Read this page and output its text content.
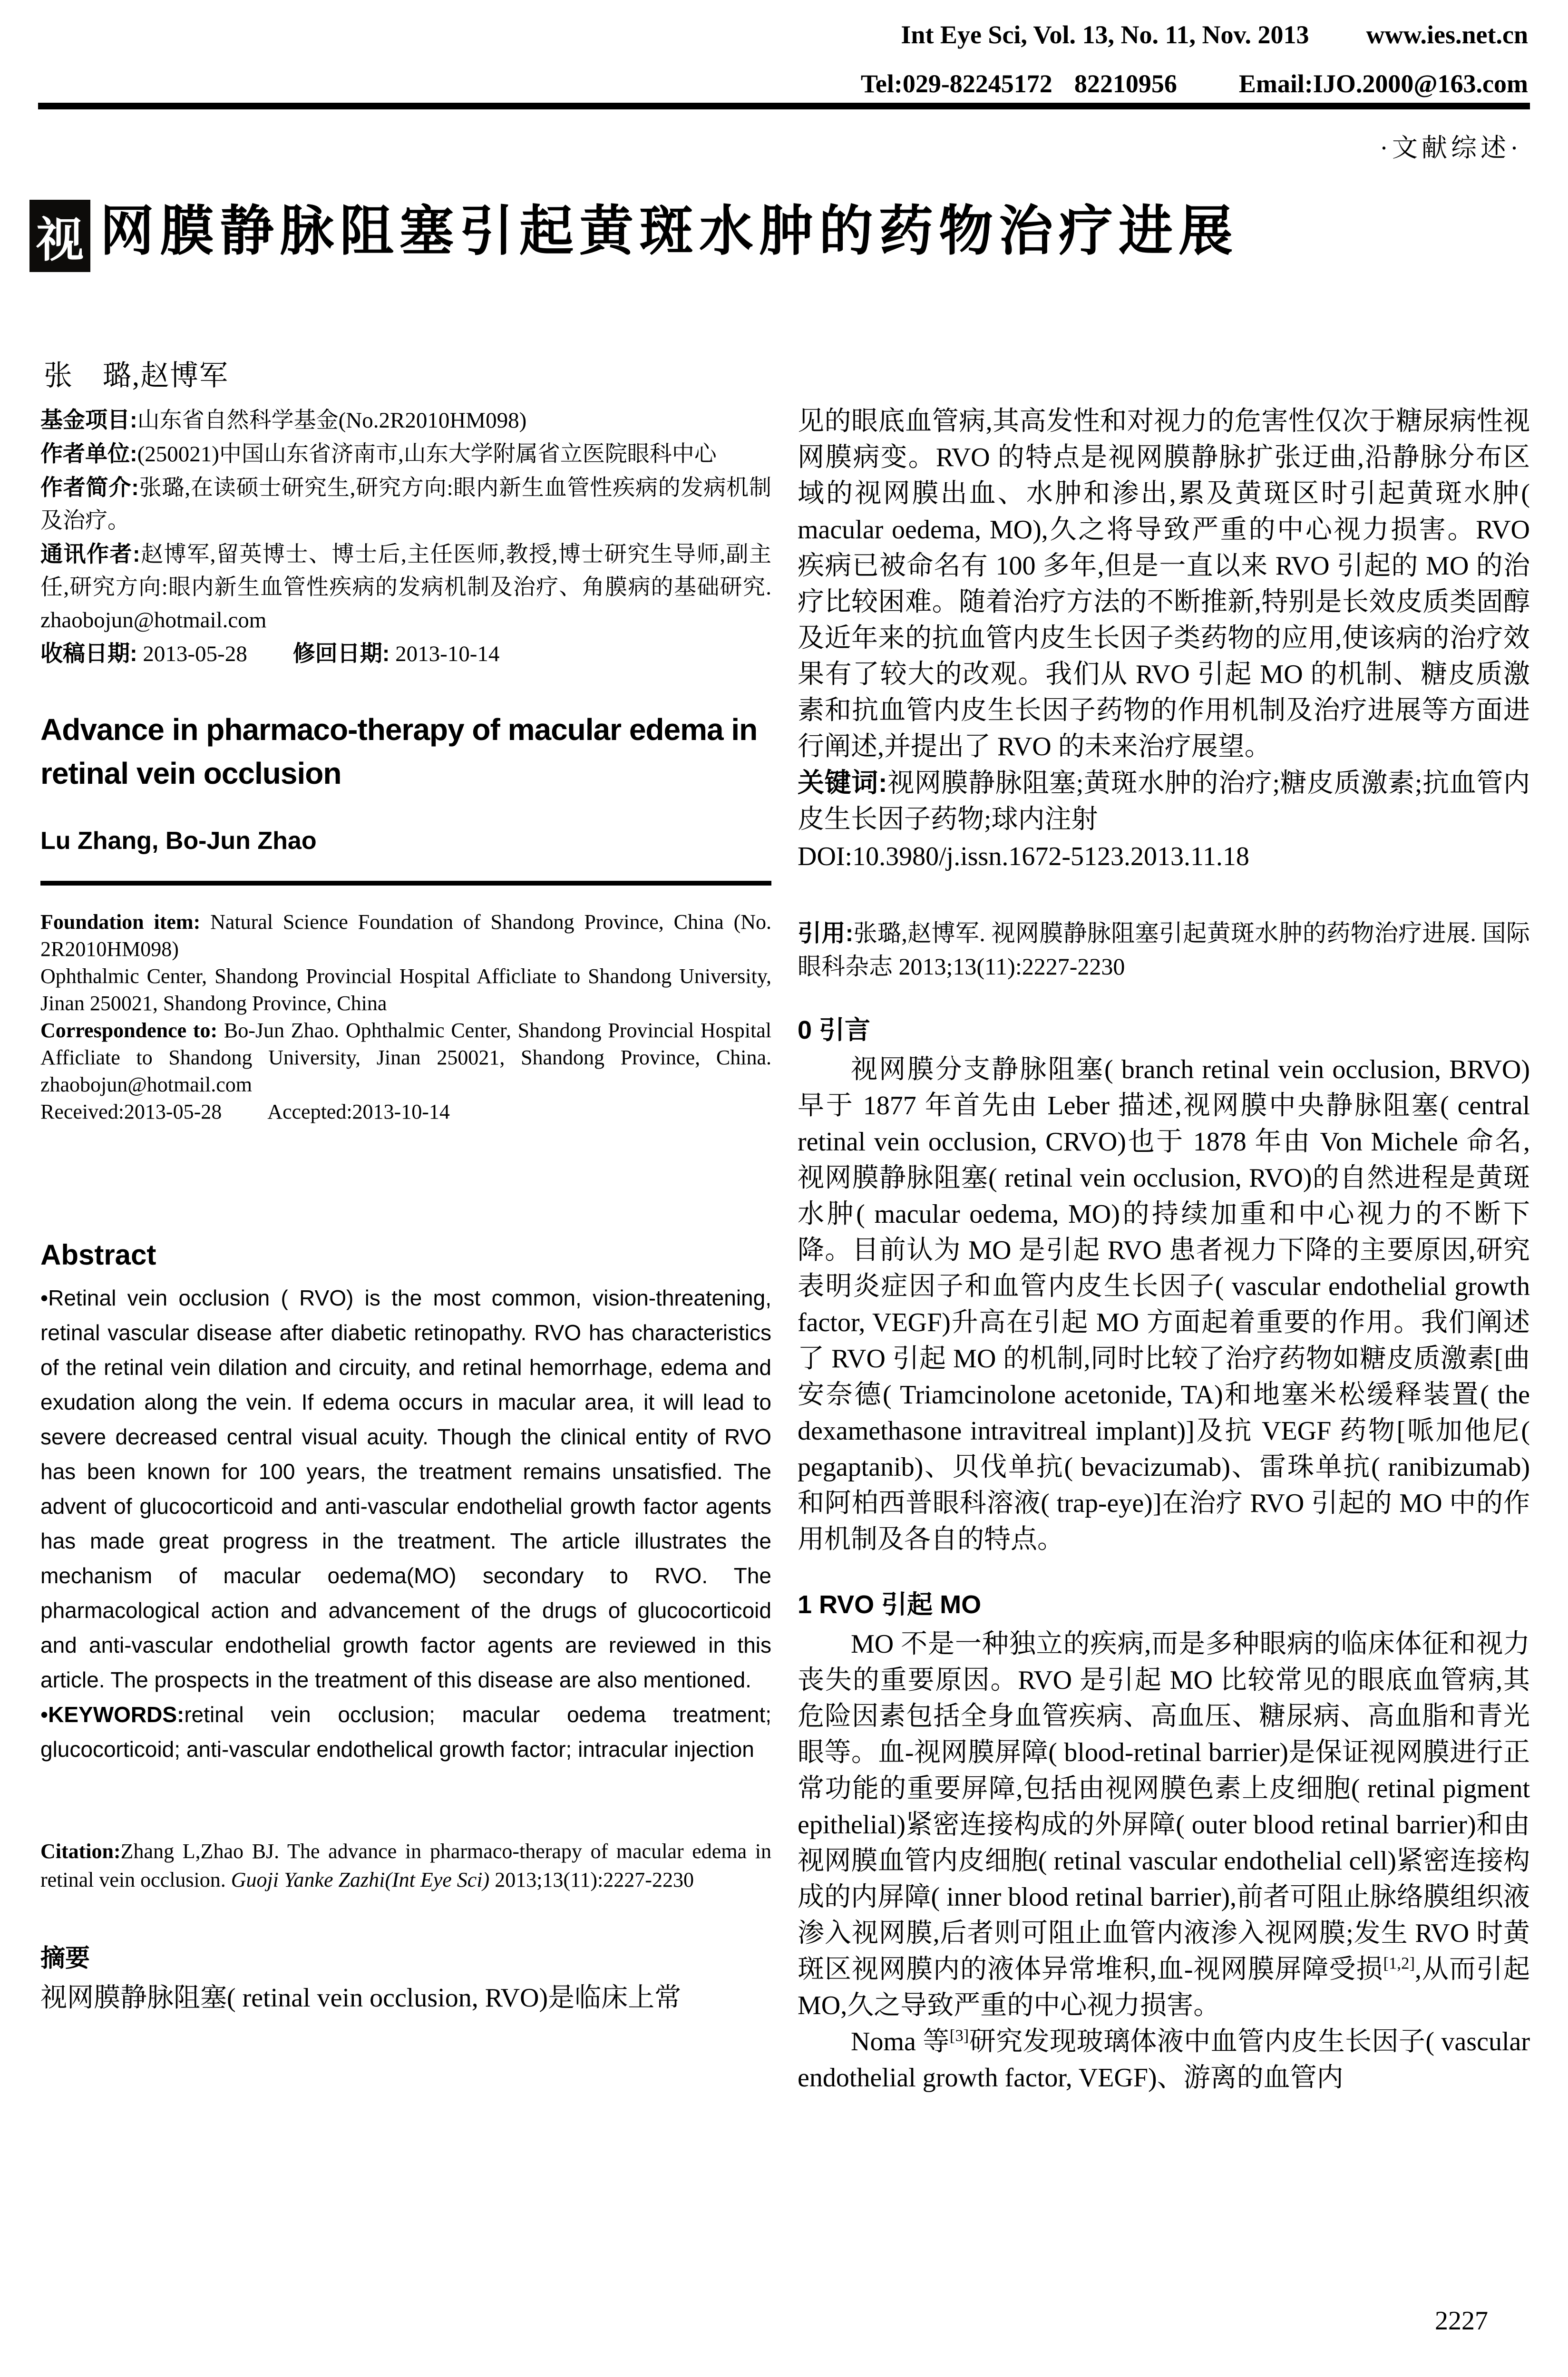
Int Eye Sci, Vol. 13, No. 11, Nov. 2013 www.ies.net.cn
Tel:029-82245172 82210956 Email:IJO.2000@163.com
·文献综述·
视 网膜静脉阻塞引起黄斑水肿的药物治疗进展
张　璐,赵博军

基金项目:山东省自然科学基金(No.2R2010HM098)

作者单位:(250021)中国山东省济南市,山东大学附属省立医院眼科中心

作者简介:张璐,在读硕士研究生,研究方向:眼内新生血管性疾病的发病机制及治疗。

通讯作者:赵博军,留英博士、博士后,主任医师,教授,博士研究生导师,副主任,研究方向:眼内新生血管性疾病的发病机制及治疗、角膜病的基础研究. zhaobojun@hotmail.com

收稿日期: 2013-05-28 修回日期: 2013-10-14

Advance in pharmaco-therapy of macular edema in retinal vein occlusion
Lu Zhang, Bo-Jun Zhao

Foundation item: Natural Science Foundation of Shandong Province, China (No. 2R2010HM098)

Ophthalmic Center, Shandong Provincial Hospital Afficliate to Shandong University, Jinan 250021, Shandong Province, China

Correspondence to: Bo-Jun Zhao. Ophthalmic Center, Shandong Provincial Hospital Afficliate to Shandong University, Jinan 250021, Shandong Province, China. zhaobojun@hotmail.com

Received:2013-05-28 Accepted:2013-10-14

Abstract

•Retinal vein occlusion ( RVO) is the most common, vision-threatening, retinal vascular disease after diabetic retinopathy. RVO has characteristics of the retinal vein dilation and circuity, and retinal hemorrhage, edema and exudation along the vein. If edema occurs in macular area, it will lead to severe decreased central visual acuity. Though the clinical entity of RVO has been known for 100 years, the treatment remains unsatisfied. The advent of glucocorticoid and anti-vascular endothelial growth factor agents has made great progress in the treatment. The article illustrates the mechanism of macular oedema(MO) secondary to RVO. The pharmacological action and advancement of the drugs of glucocorticoid and anti-vascular endothelial growth factor agents are reviewed in this article. The prospects in the treatment of this disease are also mentioned.

•KEYWORDS:retinal vein occlusion; macular oedema treatment; glucocorticoid; anti-vascular endothelical growth factor; intracular injection

Citation:Zhang L,Zhao BJ. The advance in pharmaco-therapy of macular edema in retinal vein occlusion. Guoji Yanke Zazhi(Int Eye Sci) 2013;13(11):2227-2230

摘要
视网膜静脉阻塞( retinal vein occlusion, RVO)是临床上常

见的眼底血管病,其高发性和对视力的危害性仅次于糖尿病性视网膜病变。RVO 的特点是视网膜静脉扩张迂曲,沿静脉分布区域的视网膜出血、水肿和渗出,累及黄斑区时引起黄斑水肿( macular oedema, MO),久之将导致严重的中心视力损害。RVO 疾病已被命名有 100 多年,但是一直以来 RVO 引起的 MO 的治疗比较困难。随着治疗方法的不断推新,特别是长效皮质类固醇及近年来的抗血管内皮生长因子类药物的应用,使该病的治疗效果有了较大的改观。我们从 RVO 引起 MO 的机制、糖皮质激素和抗血管内皮生长因子药物的作用机制及治疗进展等方面进行阐述,并提出了 RVO 的未来治疗展望。

关键词:视网膜静脉阻塞;黄斑水肿的治疗;糖皮质激素;抗血管内皮生长因子药物;球内注射

DOI:10.3980/j.issn.1672-5123.2013.11.18

引用:张璐,赵博军. 视网膜静脉阻塞引起黄斑水肿的药物治疗进展. 国际眼科杂志 2013;13(11):2227-2230

0 引言

视网膜分支静脉阻塞( branch retinal vein occlusion, BRVO)早于 1877 年首先由 Leber 描述,视网膜中央静脉阻塞( central retinal vein occlusion, CRVO)也于 1878 年由 Von Michele 命名,视网膜静脉阻塞( retinal vein occlusion, RVO)的自然进程是黄斑水肿( macular oedema, MO)的持续加重和中心视力的不断下降。目前认为 MO 是引起 RVO 患者视力下降的主要原因,研究表明炎症因子和血管内皮生长因子( vascular endothelial growth factor, VEGF)升高在引起 MO 方面起着重要的作用。我们阐述了 RVO 引起 MO 的机制,同时比较了治疗药物如糖皮质激素[曲安奈德( Triamcinolone acetonide, TA)和地塞米松缓释装置( the dexamethasone intravitreal implant)]及抗 VEGF 药物[哌加他尼( pegaptanib)、贝伐单抗( bevacizumab)、雷珠单抗( ranibizumab)和阿柏西普眼科溶液( trap-eye)]在治疗 RVO 引起的 MO 中的作用机制及各自的特点。

1 RVO 引起 MO

MO 不是一种独立的疾病,而是多种眼病的临床体征和视力丧失的重要原因。RVO 是引起 MO 比较常见的眼底血管病,其危险因素包括全身血管疾病、高血压、糖尿病、高血脂和青光眼等。血-视网膜屏障( blood-retinal barrier)是保证视网膜进行正常功能的重要屏障,包括由视网膜色素上皮细胞( retinal pigment epithelial)紧密连接构成的外屏障( outer blood retinal barrier)和由视网膜血管内皮细胞( retinal vascular endothelial cell)紧密连接构成的内屏障( inner blood retinal barrier),前者可阻止脉络膜组织液渗入视网膜,后者则可阻止血管内液渗入视网膜;发生 RVO 时黄斑区视网膜内的液体异常堆积,血-视网膜屏障受损[1,2],从而引起 MO,久之导致严重的中心视力损害。

Noma 等[3]研究发现玻璃体液中血管内皮生长因子( vascular endothelial growth factor, VEGF)、游离的血管内

2227
